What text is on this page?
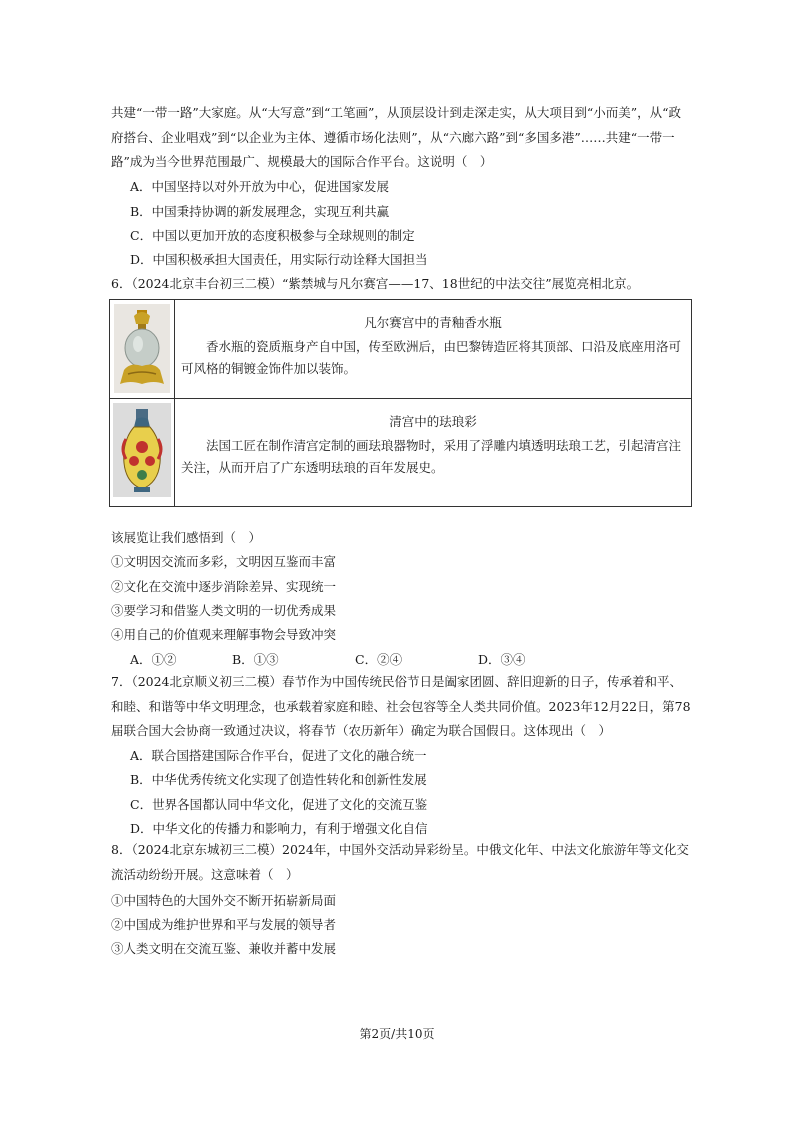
共建“一带一路”大家庭。从“大写意”到“工笔画”，从顶层设计到走深走实，从大项目到“小而美”，从“政府搭台、企业唱戏”到“以企业为主体、遵循市场化法则”，从“六廊六路”到“多国多港”……共建“一带一路”成为当今世界范围最广、规模最大的国际合作平台。这说明（　）

A．中国坚持以对外开放为中心，促进国家发展

B．中国秉持协调的新发展理念，实现互利共赢

C．中国以更加开放的态度积极参与全球规则的制定

D．中国积极承担大国责任，用实际行动诠释大国担当

6．（2024北京丰台初三二模）“紫禁城与凡尔赛宫——17、18世纪的中法交往”展览亮相北京。

凡尔赛宫中的青釉香水瓶

香水瓶的瓷质瓶身产自中国，传至欧洲后，由巴黎铸造匠将其顶部、口沿及底座用洛可可风格的铜镀金饰件加以装饰。

清宫中的珐琅彩

法国工匠在制作清宫定制的画珐琅器物时，采用了浮雕内填透明珐琅工艺，引起清宫注关注，从而开启了广东透明珐琅的百年发展史。

该展览让我们感悟到（　）

①文明因交流而多彩，文明因互鉴而丰富

②文化在交流中逐步消除差异、实现统一

③要学习和借鉴人类文明的一切优秀成果

④用自己的价值观来理解事物会导致冲突

A．①②	B．①③	C．②④	D．③④

7．（2024北京顺义初三二模）春节作为中国传统民俗节日是阖家团圆、辞旧迎新的日子，传承着和平、和睦、和谐等中华文明理念，也承载着家庭和睦、社会包容等全人类共同价值。2023年12月22日，第78届联合国大会协商一致通过决议，将春节（农历新年）确定为联合国假日。这体现出（　）

A．联合国搭建国际合作平台，促进了文化的融合统一

B．中华优秀传统文化实现了创造性转化和创新性发展

C．世界各国都认同中华文化，促进了文化的交流互鉴

D．中华文化的传播力和影响力，有利于增强文化自信

8．（2024北京东城初三二模）2024年，中国外交活动异彩纷呈。中俄文化年、中法文化旅游年等文化交流活动纷纷开展。这意味着（　）

①中国特色的大国外交不断开拓崭新局面

②中国成为维护世界和平与发展的领导者

③人类文明在交流互鉴、兼收并蓄中发展

第2页/共10页
